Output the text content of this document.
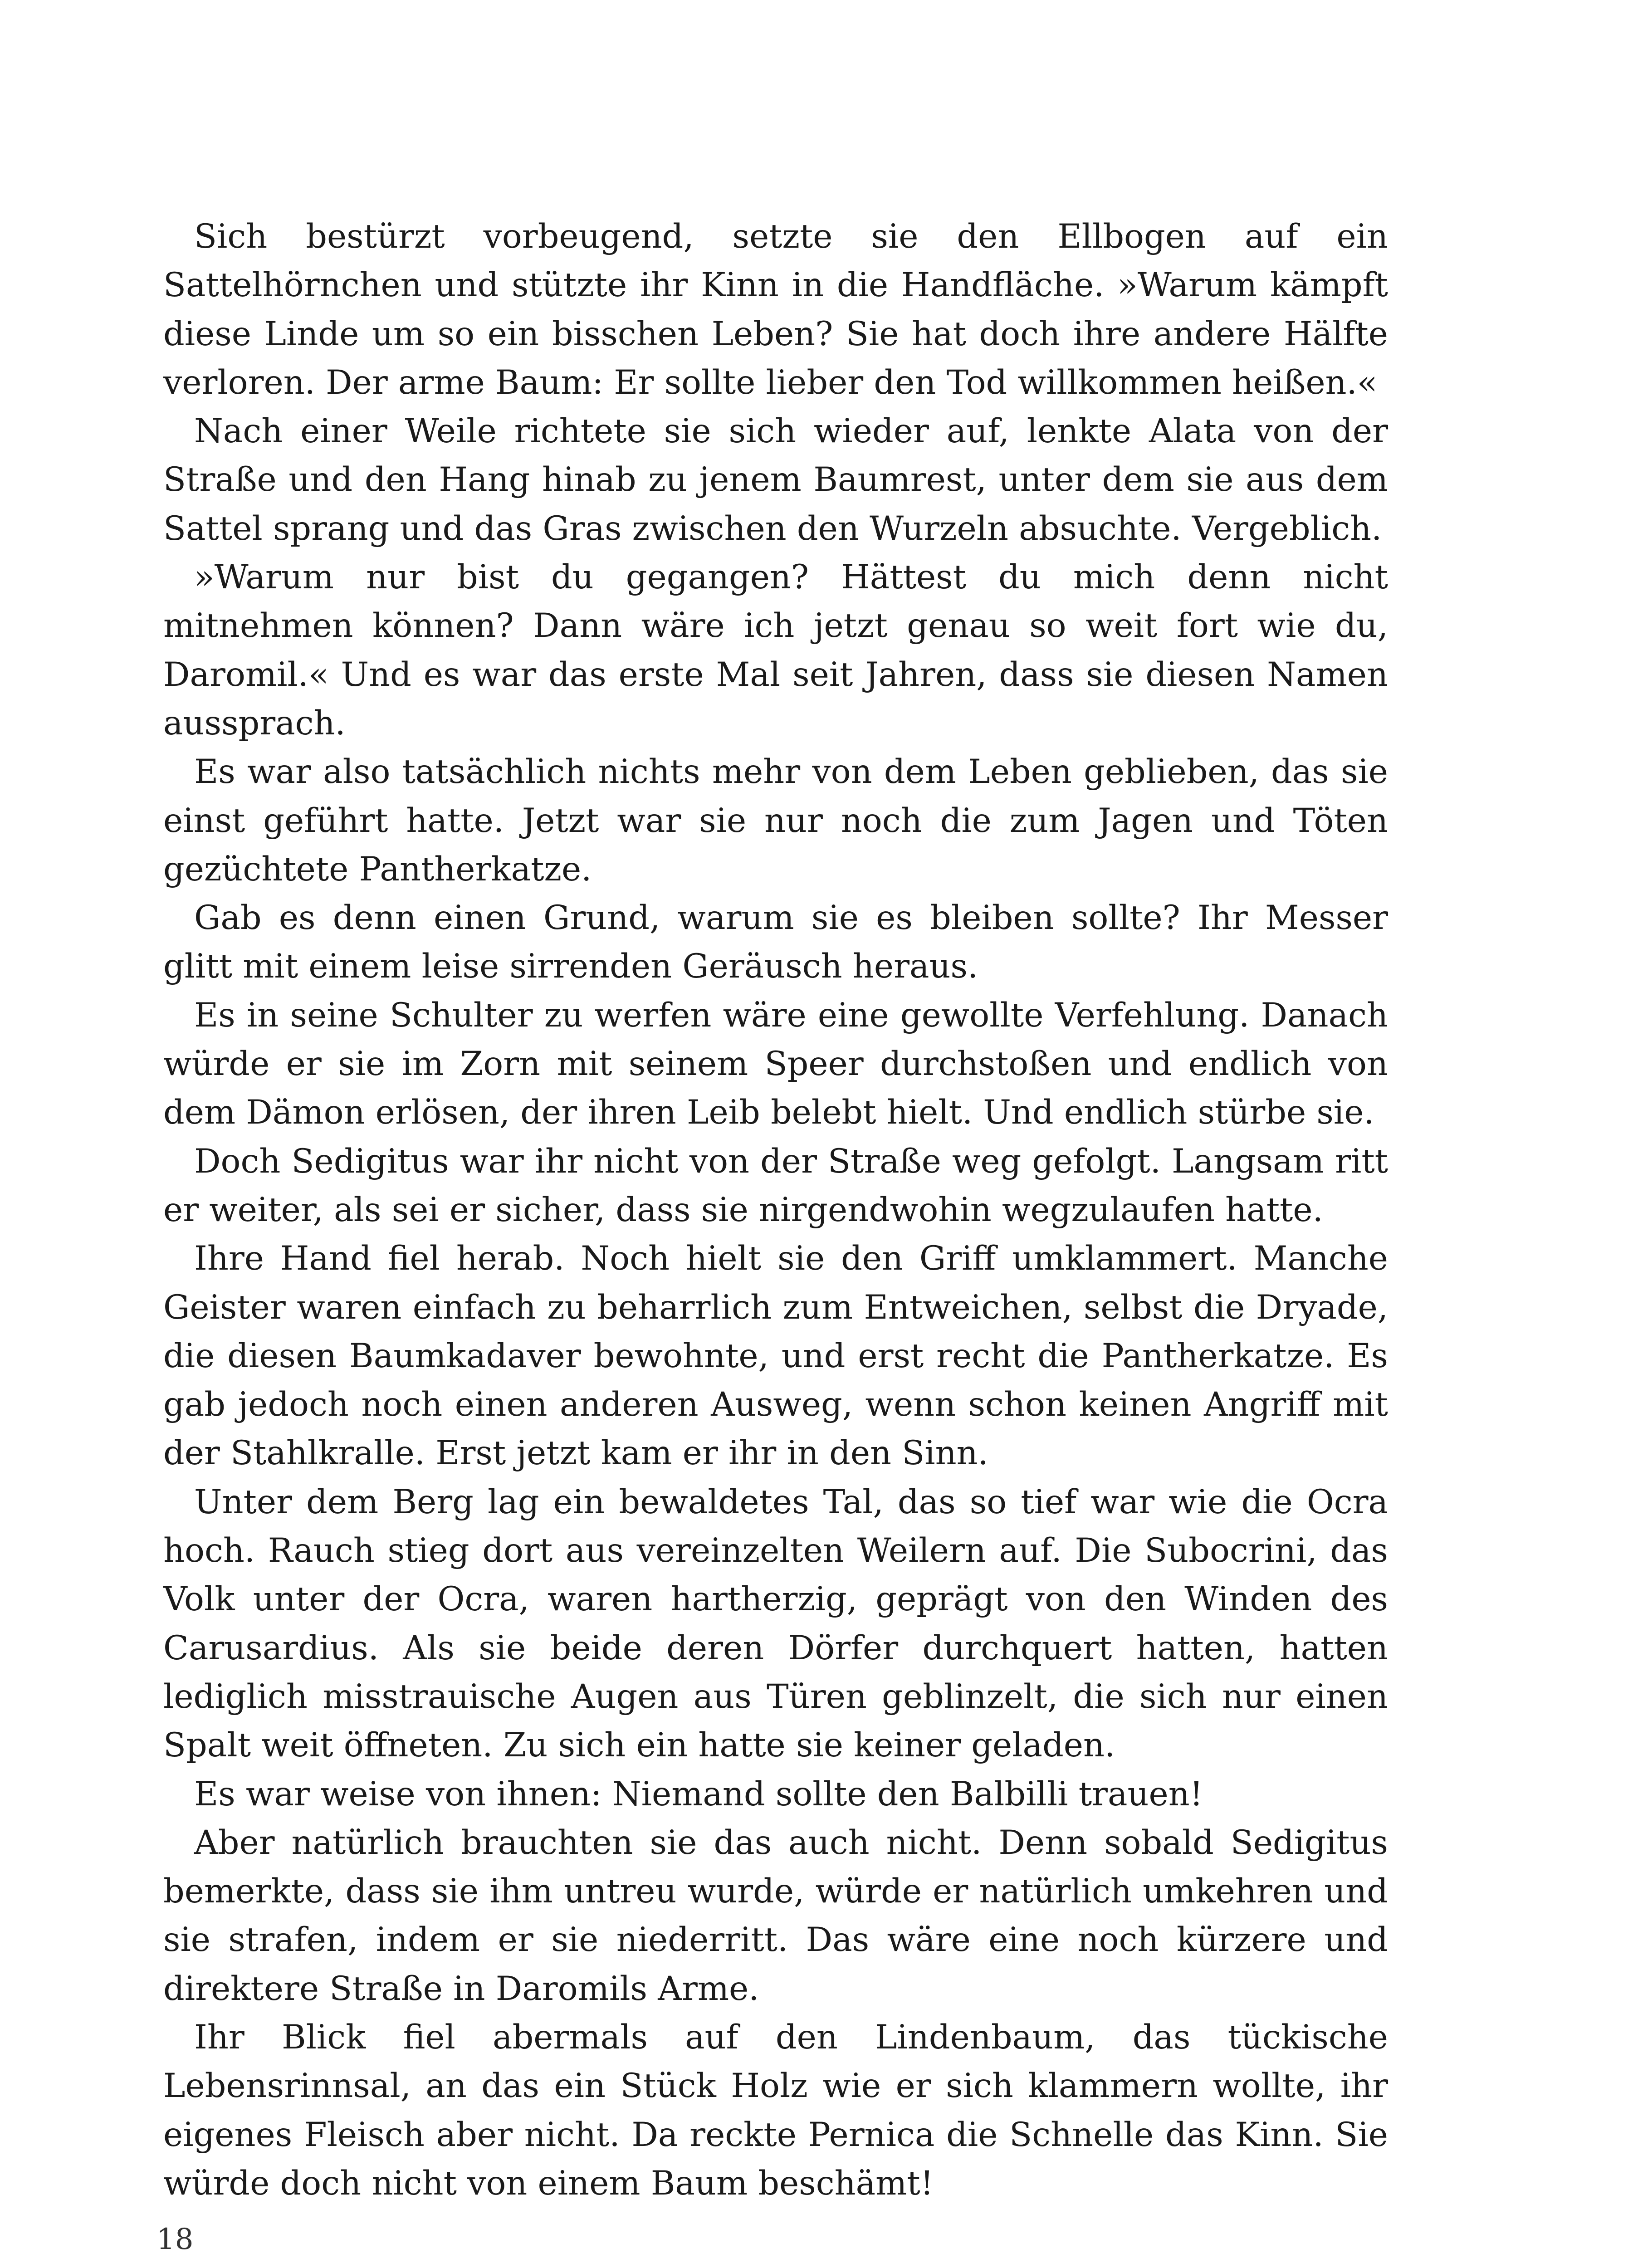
Sich bestürzt vorbeugend, setzte sie den Ellbogen auf ein Sattelhörnchen und stützte ihr Kinn in die Handfläche. »Warum kämpft diese Linde um so ein bisschen Leben? Sie hat doch ihre andere Hälfte verloren. Der arme Baum: Er sollte lieber den Tod willkommen heißen.«

Nach einer Weile richtete sie sich wieder auf, lenkte Alata von der Straße und den Hang hinab zu jenem Baumrest, unter dem sie aus dem Sattel sprang und das Gras zwischen den Wurzeln absuchte. Vergeblich.

»Warum nur bist du gegangen? Hättest du mich denn nicht mitnehmen können? Dann wäre ich jetzt genau so weit fort wie du, Daromil.« Und es war das erste Mal seit Jahren, dass sie diesen Namen aussprach.

Es war also tatsächlich nichts mehr von dem Leben geblieben, das sie einst geführt hatte. Jetzt war sie nur noch die zum Jagen und Töten gezüchtete Pantherkatze.

Gab es denn einen Grund, warum sie es bleiben sollte? Ihr Messer glitt mit einem leise sirrenden Geräusch heraus.

Es in seine Schulter zu werfen wäre eine gewollte Verfehlung. Danach würde er sie im Zorn mit seinem Speer durchstoßen und endlich von dem Dämon erlösen, der ihren Leib belebt hielt. Und endlich stürbe sie.

Doch Sedigitus war ihr nicht von der Straße weg gefolgt. Langsam ritt er weiter, als sei er sicher, dass sie nirgendwohin wegzulaufen hatte.

Ihre Hand fiel herab. Noch hielt sie den Griff umklammert. Manche Geister waren einfach zu beharrlich zum Entweichen, selbst die Dryade, die diesen Baumkadaver bewohnte, und erst recht die Pantherkatze. Es gab jedoch noch einen anderen Ausweg, wenn schon keinen Angriff mit der Stahlkralle. Erst jetzt kam er ihr in den Sinn.

Unter dem Berg lag ein bewaldetes Tal, das so tief war wie die Ocra hoch. Rauch stieg dort aus vereinzelten Weilern auf. Die Subocrini, das Volk unter der Ocra, waren hartherzig, geprägt von den Winden des Carusardius. Als sie beide deren Dörfer durchquert hatten, hatten lediglich misstrauische Augen aus Türen geblinzelt, die sich nur einen Spalt weit öffneten. Zu sich ein hatte sie keiner geladen.

Es war weise von ihnen: Niemand sollte den Balbilli trauen!

Aber natürlich brauchten sie das auch nicht. Denn sobald Sedigitus bemerkte, dass sie ihm untreu wurde, würde er natürlich umkehren und sie strafen, indem er sie niederritt. Das wäre eine noch kürzere und direktere Straße in Daromils Arme.

Ihr Blick fiel abermals auf den Lindenbaum, das tückische Lebensrinnsal, an das ein Stück Holz wie er sich klammern wollte, ihr eigenes Fleisch aber nicht. Da reckte Pernica die Schnelle das Kinn. Sie würde doch nicht von einem Baum beschämt!

18
